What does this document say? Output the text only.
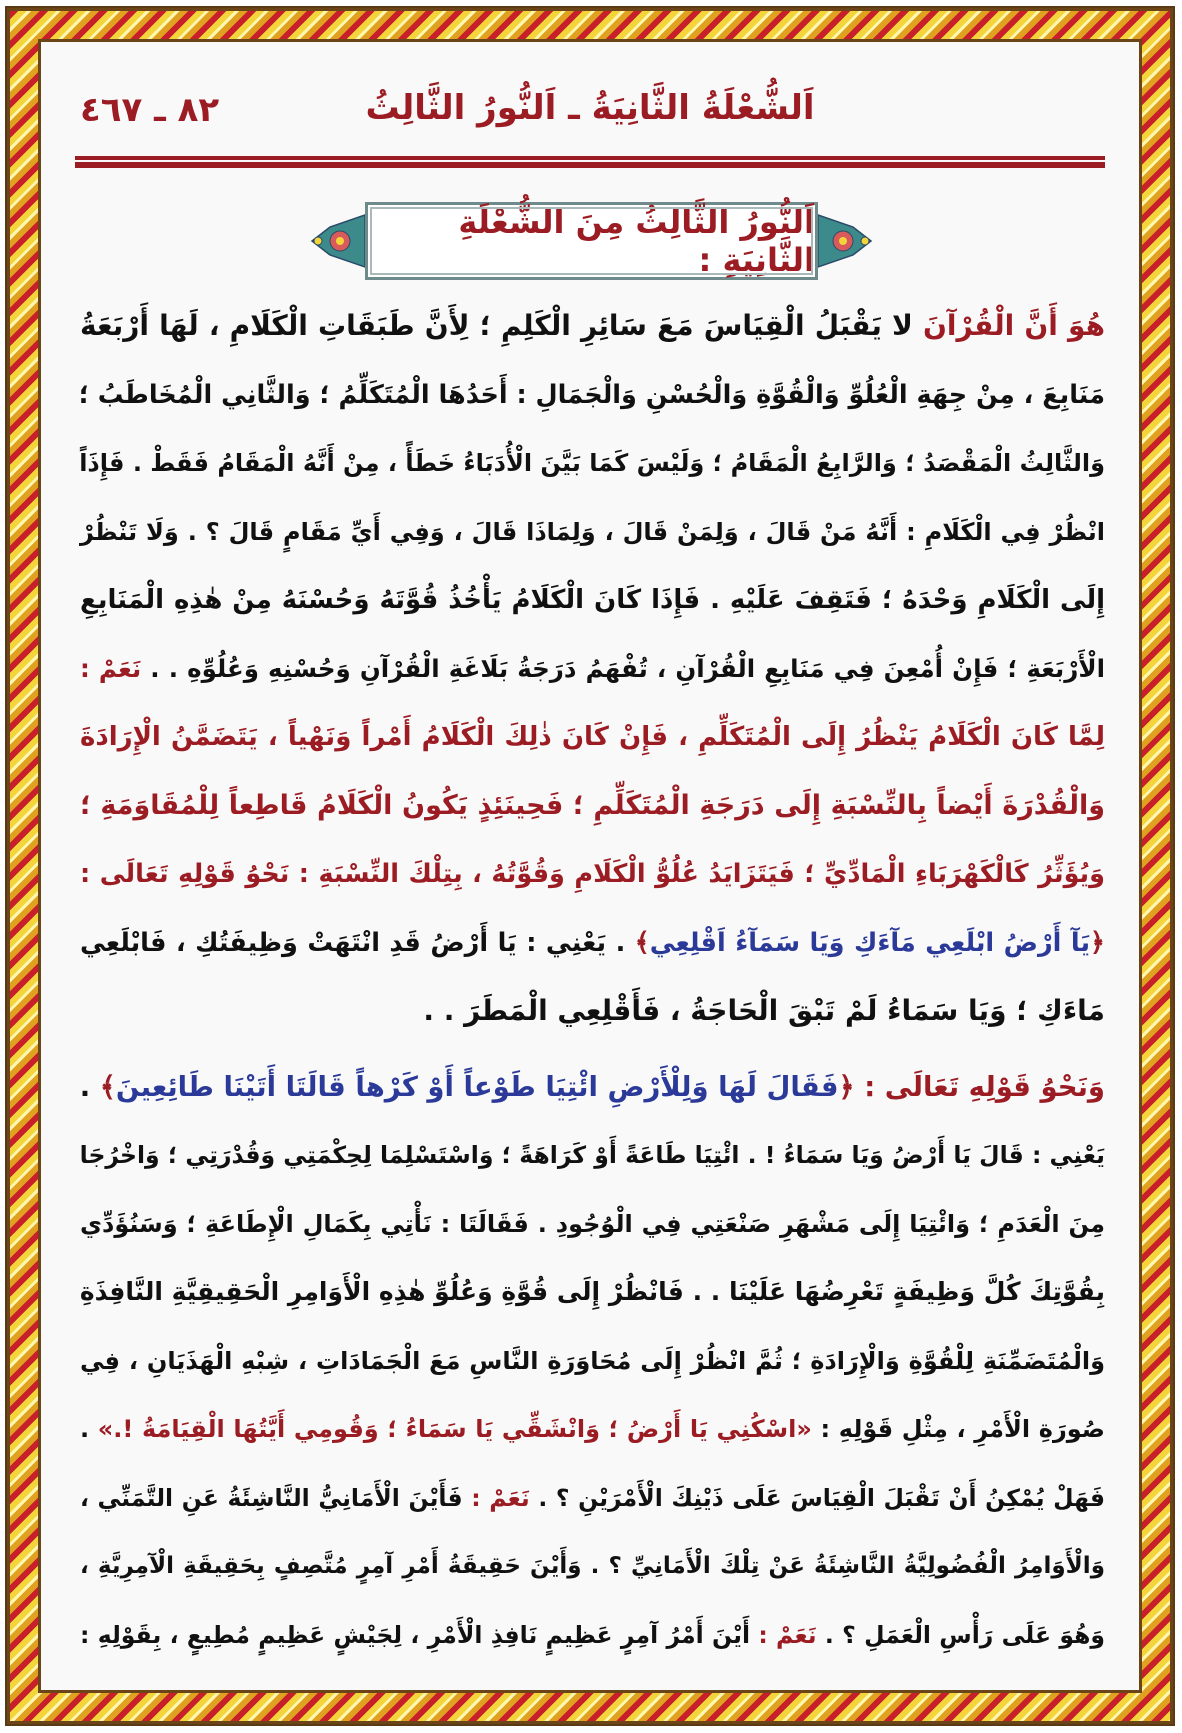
اَلشُّعْلَةُ الثَّانِيَةُ ـ اَلنُّورُ الثَّالِثُ
٨٢ ـ ٤٦٧
اَلنُّورُ الثَّالِثُ مِنَ الشُّعْلَةِ الثَّانِيَةِ :
هُوَ أَنَّ الْقُرْآنَ لا يَقْبَلُ الْقِيَاسَ مَعَ سَائِرِ الْكَلِمِ ؛ لِأَنَّ طَبَقَاتِ الْكَلَامِ ، لَهَا أَرْبَعَةُ
مَنَابِعَ ، مِنْ جِهَةِ الْعُلُوِّ وَالْقُوَّةِ وَالْحُسْنِ وَالْجَمَالِ : أَحَدُهَا الْمُتَكَلِّمُ ؛ وَالثَّانِي الْمُخَاطَبُ ؛
وَالثَّالِثُ الْمَقْصَدُ ؛ وَالرَّابِعُ الْمَقَامُ ؛ وَلَيْسَ كَمَا بَيَّنَ الْأُدَبَاءُ خَطَأً ، مِنْ أَنَّهُ الْمَقَامُ فَقَطْ . فَإِذَاً
انْظُرْ فِي الْكَلَامِ : أَنَّهُ مَنْ قَالَ ، وَلِمَنْ قَالَ ، وَلِمَاذَا قَالَ ، وَفِي أَيِّ مَقَامٍ قَالَ ؟ . وَلَا تَنْظُرْ
إِلَى الْكَلَامِ وَحْدَهُ ؛ فَتَقِفَ عَلَيْهِ . فَإِذَا كَانَ الْكَلَامُ يَأْخُذُ قُوَّتَهُ وَحُسْنَهُ مِنْ هٰذِهِ الْمَنَابِعِ
الْأَرْبَعَةِ ؛ فَإِنْ أُمْعِنَ فِي مَنَابِعِ الْقُرْآنِ ، تُفْهَمُ دَرَجَةُ بَلَاغَةِ الْقُرْآنِ وَحُسْنِهِ وَعُلُوِّهِ . . نَعَمْ :
لِمَّا كَانَ الْكَلَامُ يَنْظُرُ إِلَى الْمُتَكَلِّمِ ، فَإِنْ كَانَ ذٰلِكَ الْكَلَامُ أَمْراً وَنَهْياً ، يَتَضَمَّنُ الْإِرَادَةَ
وَالْقُدْرَةَ أَيْضاً بِالنِّسْبَةِ إِلَى دَرَجَةِ الْمُتَكَلِّمِ ؛ فَحِينَئِذٍ يَكُونُ الْكَلَامُ قَاطِعاً لِلْمُقَاوَمَةِ ؛
وَيُؤَثِّرُ كَالْكَهْرَبَاءِ الْمَادِّيِّ ؛ فَيَتَزَايَدُ عُلُوُّ الْكَلَامِ وَقُوَّتُهُ ، بِتِلْكَ النِّسْبَةِ : نَحْوُ قَوْلِهِ تَعَالَى :
﴿يَآ أَرْضُ ابْلَعِي مَآءَكِ وَيَا سَمَآءُ اَقْلِعِي﴾ . يَعْنِي : يَا أَرْضُ قَدِ انْتَهَتْ وَظِيفَتُكِ ، فَابْلَعِي
مَاءَكِ ؛ وَيَا سَمَاءُ لَمْ تَبْقَ الْحَاجَةُ ، فَأَقْلِعِي الْمَطَرَ . .
وَنَحْوُ قَوْلِهِ تَعَالَى : ﴿فَقَالَ لَهَا وَلِلْأَرْضِ ائْتِيَا طَوْعاً أَوْ كَرْهاً قَالَتَا أَتَيْنَا طَائِعِينَ﴾ .
يَعْنِي : قَالَ يَا أَرْضُ وَيَا سَمَاءُ ! . ائْتِيَا طَاعَةً أَوْ كَرَاهَةً ؛ وَاسْتَسْلِمَا لِحِكْمَتِي وَقُدْرَتِي ؛ وَاخْرُجَا
مِنَ الْعَدَمِ ؛ وَائْتِيَا إِلَى مَشْهَرِ صَنْعَتِي فِي الْوُجُودِ . فَقَالَتَا : نَأْتِي بِكَمَالِ الْإِطَاعَةِ ؛ وَسَنُؤَدِّي
بِقُوَّتِكَ كُلَّ وَظِيفَةٍ تَعْرِضُهَا عَلَيْنَا . . فَانْظُرْ إِلَى قُوَّةِ وَعُلُوِّ هٰذِهِ الْأَوَامِرِ الْحَقِيقِيَّةِ النَّافِذَةِ
وَالْمُتَضَمِّنَةِ لِلْقُوَّةِ وَالْإِرَادَةِ ؛ ثُمَّ انْظُرْ إِلَى مُحَاوَرَةِ النَّاسِ مَعَ الْجَمَادَاتِ ، شِبْهِ الْهَذَيَانِ ، فِي
صُورَةِ الْأَمْرِ ، مِثْلِ قَوْلِهِ : «اسْكُنِي يَا أَرْضُ ؛ وَانْشَقِّي يَا سَمَاءُ ؛ وَقُومِي أَيَّتُهَا الْقِيَامَةُ !.» .
فَهَلْ يُمْكِنُ أَنْ تَقْبَلَ الْقِيَاسَ عَلَى ذَيْنِكَ الْأَمْرَيْنِ ؟ . نَعَمْ : فَأَيْنَ الْأَمَانِيُّ النَّاشِئَةُ عَنِ التَّمَنِّي ،
وَالْأَوَامِرُ الْفُضُولِيَّةُ النَّاشِئَةُ عَنْ تِلْكَ الْأَمَانِيِّ ؟ . وَأَيْنَ حَقِيقَةُ أَمْرِ آمِرٍ مُتَّصِفٍ بِحَقِيقَةِ الْآمِرِيَّةِ ،
وَهُوَ عَلَى رَأْسِ الْعَمَلِ ؟ . نَعَمْ : أَيْنَ أَمْرُ آمِرٍ عَظِيمٍ نَافِذِ الْأَمْرِ ، لِجَيْشٍ عَظِيمٍ مُطِيعٍ ، بِقَوْلِهِ :
